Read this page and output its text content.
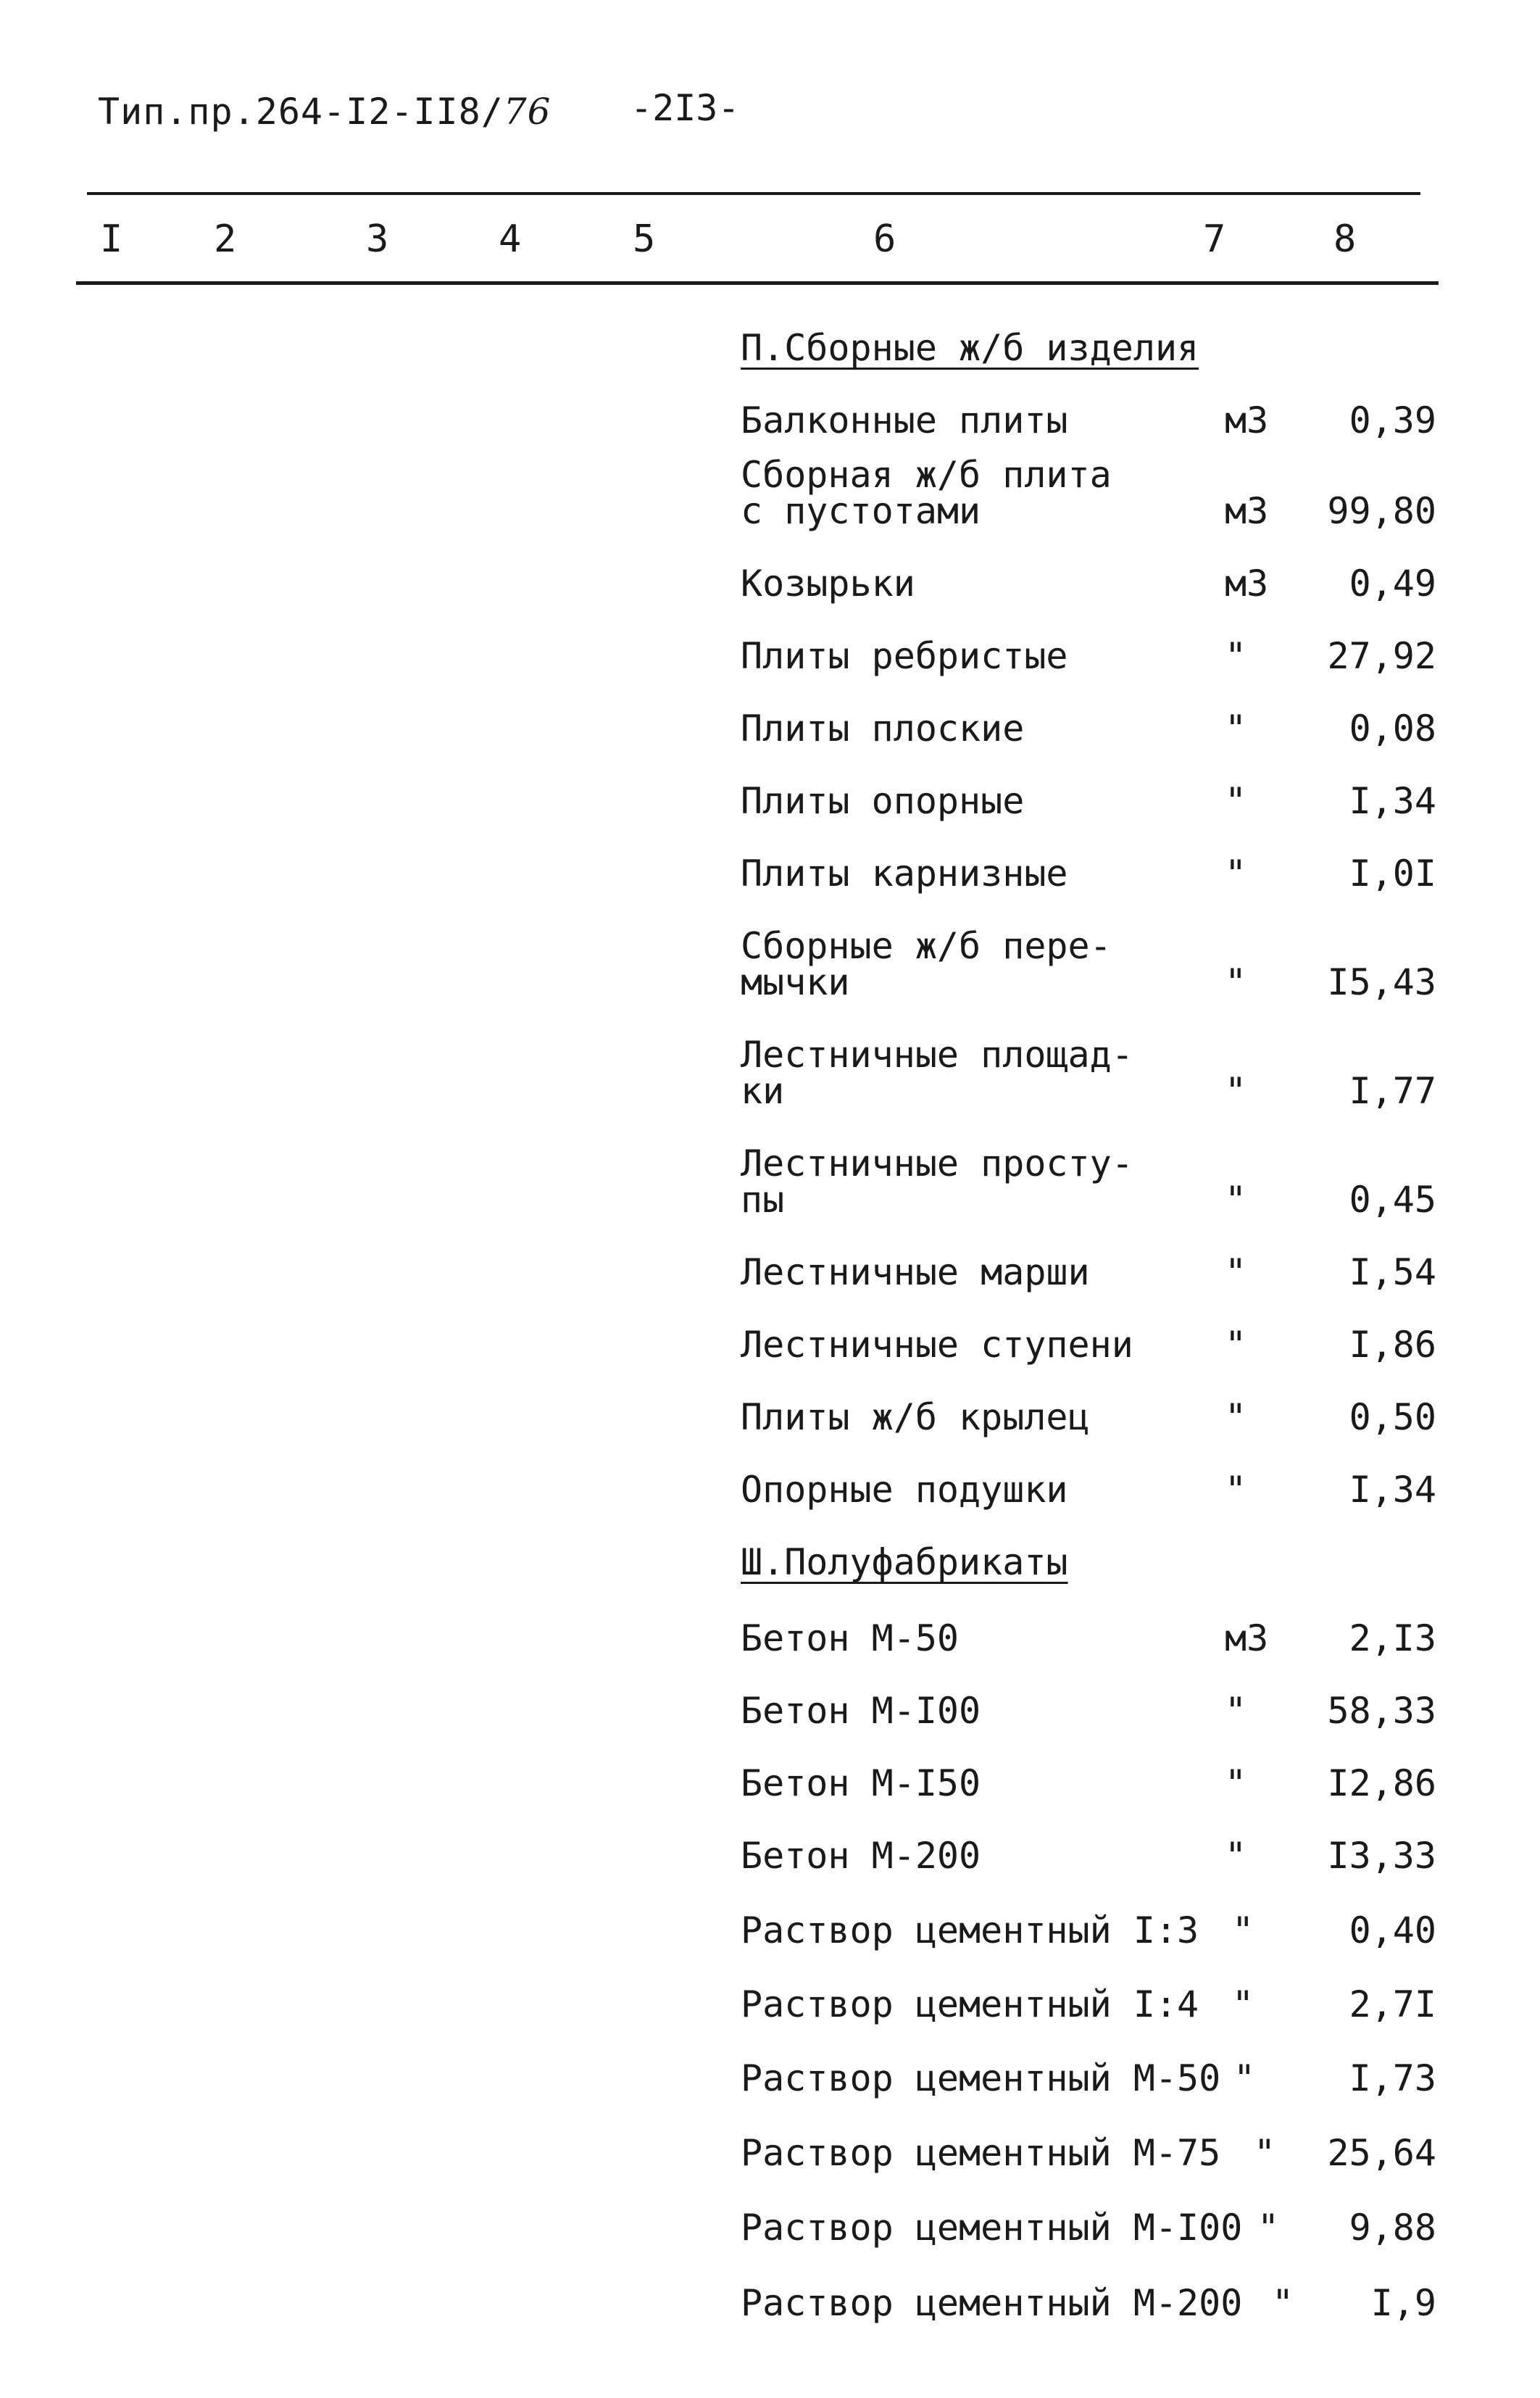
Тип.пр.264-I2-II8/76 -2I3-
I 2	3	4	5	6	7	8
П.Сборные ж/б изделия
Балконные плиты	м3	0,39
Сборная ж/б плита
с пустотами	м3	99,80
Козырьки	м3	0,49
Плиты ребристые	"	27,92
Плиты плоские	"	0,08
Плиты опорные	"	I,34
Плиты карнизные	"	I,0I
Сборные ж/б пере-
мычки	"	I5,43
Лестничные площад-
ки	"	I,77
Лестничные просту-
пы	"	0,45
Лестничные марши	"	I,54
Лестничные ступени	"	I,86
Плиты ж/б крылец	"	0,50
Опорные подушки	"	I,34
Ш.Полуфабрикаты
Бетон М-50	м3	2,I3
Бетон М-I00	"	58,33
Бетон М-I50	"	I2,86
Бетон М-200	"	I3,33
Раствор цементный I:3 "	0,40
Раствор цементный I:4 "	2,7I
Раствор цементный М-50 "	I,73
Раствор цементный М-75 "	25,64
Раствор цементный М-I00 "	9,88
Раствор цементный М-200 "	I,9
